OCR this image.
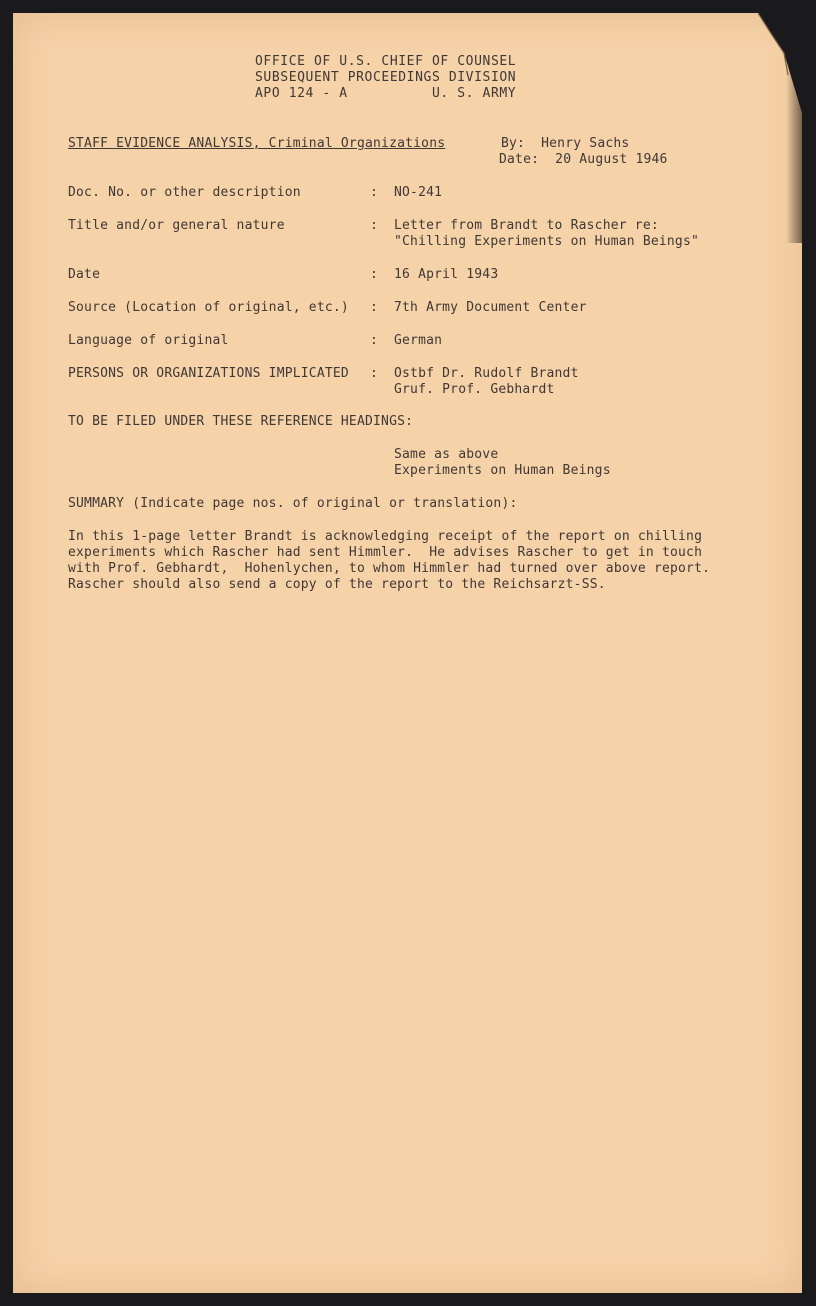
OFFICE OF U.S. CHIEF OF COUNSEL

SUBSEQUENT PROCEEDINGS DIVISION

APO 124 - A          U. S. ARMY

STAFF EVIDENCE ANALYSIS, Criminal Organizations	By:  Henry Sachs

Date:  20 August 1946

Doc. No. or other description	: NO-241

Title and/or general nature	: Letter from Brandt to Rascher re:

"Chilling Experiments on Human Beings"

Date	: 16 April 1943

Source (Location of original, etc.) : 7th Army Document Center

Language of original	: German

PERSONS OR ORGANIZATIONS IMPLICATED : Ostbf Dr. Rudolf Brandt

Gruf. Prof. Gebhardt

TO BE FILED UNDER THESE REFERENCE HEADINGS:

Same as above

Experiments on Human Beings

SUMMARY (Indicate page nos. of original or translation):

In this 1-page letter Brandt is acknowledging receipt of the report on chilling

experiments which Rascher had sent Himmler.  He advises Rascher to get in touch

with Prof. Gebhardt,  Hohenlychen, to whom Himmler had turned over above report.

Rascher should also send a copy of the report to the Reichsarzt-SS.
